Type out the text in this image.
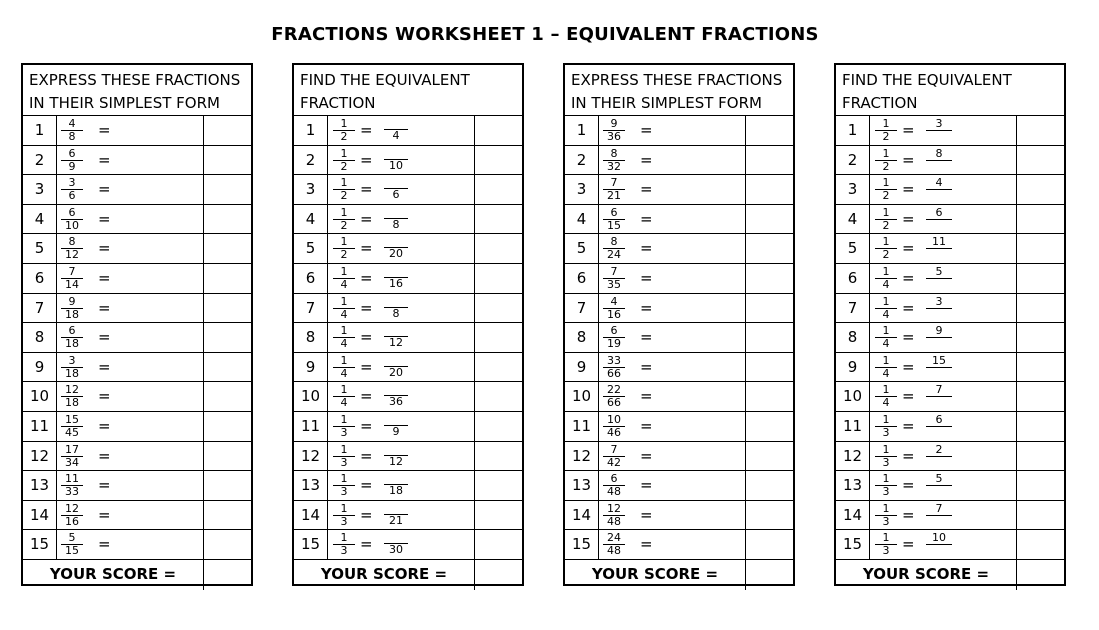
FRACTIONS WORKSHEET 1 – EQUIVALENT FRACTIONS
EXPRESS THESE FRACTIONS
IN THEIR SIMPLEST FORM
1	$\frac{4}{8}$ =
2	$\frac{6}{9}$ =
3	$\frac{3}{6}$ =
4	$\frac{6}{10}$ =
5	$\frac{8}{12}$ =
6	$\frac{7}{14}$ =
7	$\frac{9}{18}$ =
8	$\frac{6}{18}$ =
9	$\frac{3}{18}$ =
10	$\frac{12}{18}$ =
11	$\frac{15}{45}$ =
12	$\frac{17}{34}$ =
13	$\frac{11}{33}$ =
14	$\frac{12}{16}$ =
15	$\frac{5}{15}$ =
YOUR SCORE =
FIND THE EQUIVALENT
FRACTION
1	$\frac{1}{2}$ =	4
2	$\frac{1}{2}$ =	10
3	$\frac{1}{2}$ =	6
4	$\frac{1}{2}$ =	8
5	$\frac{1}{2}$ =	20
6	$\frac{1}{4}$ =	16
7	$\frac{1}{4}$ =	8
8	$\frac{1}{4}$ =	12
9	$\frac{1}{4}$ =	20
10	$\frac{1}{4}$ =	36
11	$\frac{1}{3}$ =	9
12	$\frac{1}{3}$ =	12
13	$\frac{1}{3}$ =	18
14	$\frac{1}{3}$ =	21
15	$\frac{1}{3}$ =	30
YOUR SCORE =
EXPRESS THESE FRACTIONS
IN THEIR SIMPLEST FORM
1	$\frac{9}{36}$ =
2	$\frac{8}{32}$ =
3	$\frac{7}{21}$ =
4	$\frac{6}{15}$ =
5	$\frac{8}{24}$ =
6	$\frac{7}{35}$ =
7	$\frac{4}{16}$ =
8	$\frac{6}{19}$ =
9	$\frac{33}{66}$ =
10	$\frac{22}{66}$ =
11	$\frac{10}{46}$ =
12	$\frac{7}{42}$ =
13	$\frac{6}{48}$ =
14	$\frac{12}{48}$ =
15	$\frac{24}{48}$ =
YOUR SCORE =
FIND THE EQUIVALENT
FRACTION
1	$\frac{1}{2}$ =	3
2	$\frac{1}{2}$ =	8
3	$\frac{1}{2}$ =	4
4	$\frac{1}{2}$ =	6
5	$\frac{1}{2}$ =	11
6	$\frac{1}{4}$ =	5
7	$\frac{1}{4}$ =	3
8	$\frac{1}{4}$ =	9
9	$\frac{1}{4}$ =	15
10	$\frac{1}{4}$ =	7
11	$\frac{1}{3}$ =	6
12	$\frac{1}{3}$ =	2
13	$\frac{1}{3}$ =	5
14	$\frac{1}{3}$ =	7
15	$\frac{1}{3}$ =	10
YOUR SCORE =
